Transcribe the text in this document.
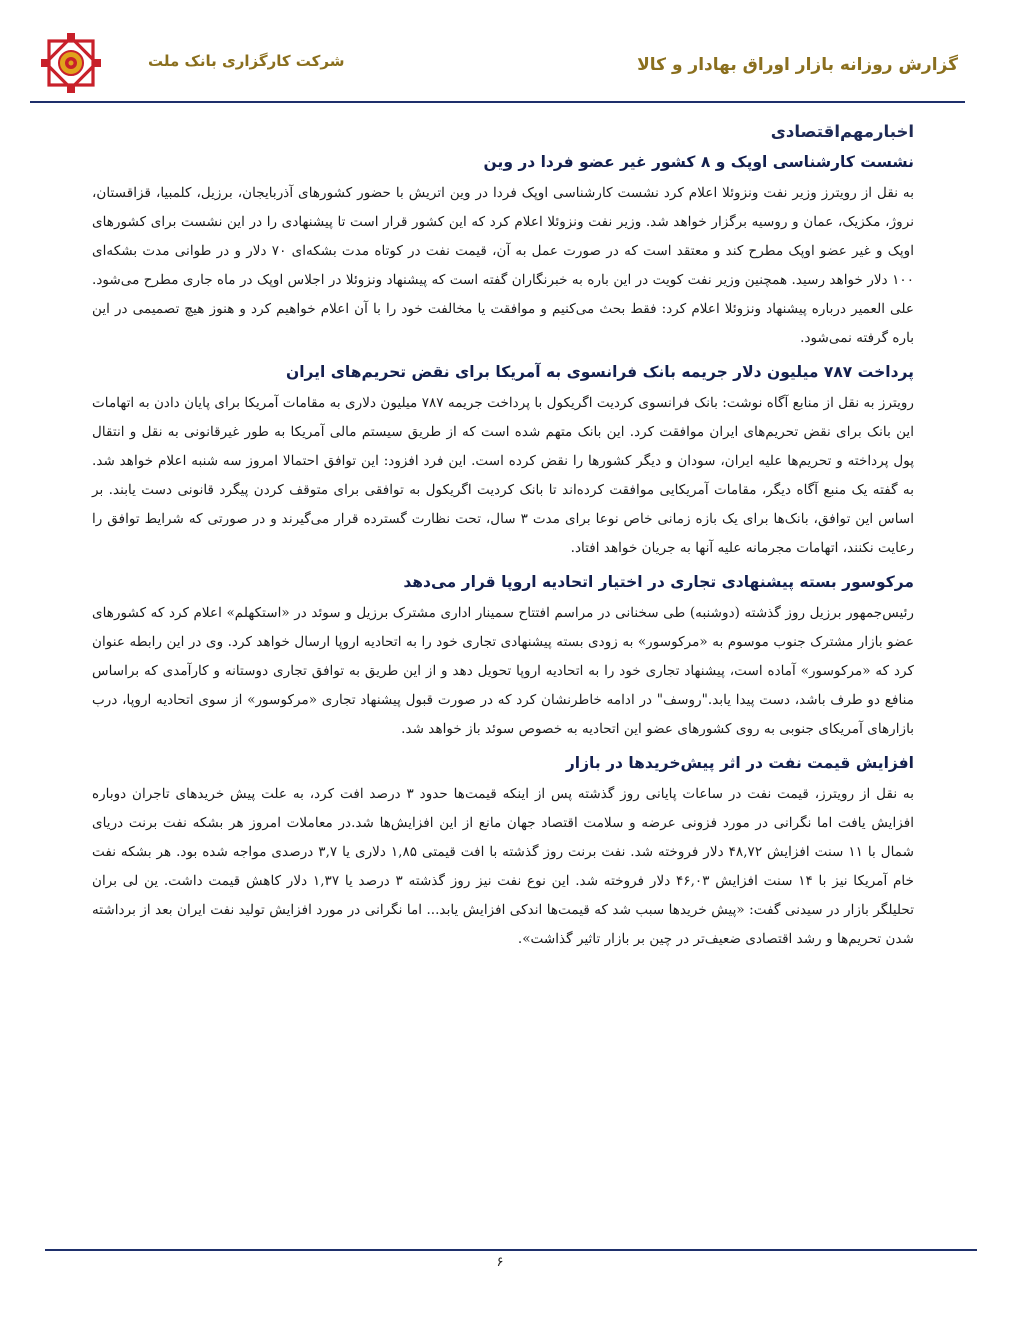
شرکت کارگزاری بانک ملت	گزارش روزانه بازار اوراق بهادار و کالا
اخبارمهم‌اقتصادی
نشست کارشناسی اوپک و ۸ کشور غیر عضو فردا در وین

به نقل از رویترز وزیر نفت ونزوئلا اعلام کرد نشست کارشناسی اوپک فردا در وین اتریش با حضور کشورهای آذربایجان، برزیل، کلمبیا، قزاقستان، نروژ، مکزیک، عمان و روسیه برگزار خواهد شد. وزیر نفت ونزوئلا اعلام کرد که این کشور قرار است تا پیشنهادی را در این نشست برای کشورهای اوپک و غیر عضو اوپک مطرح کند و معتقد است که در صورت عمل به آن، قیمت نفت در کوتاه مدت بشکه‌ای ۷۰ دلار و در طوانی مدت بشکه‌ای ۱۰۰ دلار خواهد رسید. همچنین وزیر نفت کویت در این باره به خبرنگاران گفته است که پیشنهاد ونزوئلا در اجلاس اوپک در ماه جاری مطرح می‌شود. علی العمیر درباره پیشنهاد ونزوئلا اعلام کرد: فقط بحث می‌کنیم و موافقت یا مخالفت خود را با آن اعلام خواهیم کرد و هنوز هیچ تصمیمی در این باره گرفته نمی‌شود.

پرداخت ۷۸۷ میلیون دلار جریمه بانک فرانسوی به آمریکا برای نقض تحریم‌های ایران

رویترز به نقل از منابع آگاه نوشت: بانک فرانسوی کردیت اگریکول با پرداخت جریمه ۷۸۷ میلیون دلاری به مقامات آمریکا برای پایان دادن به اتهامات این بانک برای نقض تحریم‌های ایران موافقت کرد. این بانک متهم شده است که از طریق سیستم مالی آمریکا به طور غیرقانونی به نقل و انتقال پول پرداخته و تحریم‌ها علیه ایران، سودان و دیگر کشورها را نقض کرده است. این فرد افزود: این توافق احتمالا امروز سه شنبه اعلام خواهد شد. به گفته یک منبع آگاه دیگر، مقامات آمریکایی موافقت کرده‌اند تا بانک کردیت اگریکول به توافقی برای متوقف کردن پیگرد قانونی دست یابند. بر اساس این توافق، بانک‌ها برای یک بازه زمانی خاص نوعا برای مدت ۳ سال، تحت نظارت گسترده قرار می‌گیرند و در صورتی که شرایط توافق را رعایت نکنند، اتهامات مجرمانه علیه آنها به جریان خواهد افتاد.

مرکوسور بسته پیشنهادی تجاری در اختیار اتحادیه اروپا قرار می‌دهد

رئیس‌جمهور برزیل روز گذشته (دوشنبه) طی سخنانی در مراسم افتتاح سمینار اداری مشترک برزیل و سوئد در «استکهلم» اعلام کرد که کشورهای عضو بازار مشترک جنوب موسوم به «مرکوسور» به زودی بسته پیشنهادی تجاری خود را به اتحادیه اروپا ارسال خواهد کرد. وی در این رابطه عنوان کرد که «مرکوسور» آماده است، پیشنهاد تجاری خود را به اتحادیه اروپا تحویل دهد و از این طریق به توافق تجاری دوستانه و کارآمدی که براساس منافع دو طرف باشد، دست پیدا یابد."روسف" در ادامه خاطرنشان کرد که در صورت قبول پیشنهاد تجاری «مرکوسور» از سوی اتحادیه اروپا، درب بازارهای آمریکای جنوبی به روی کشورهای عضو این اتحادیه به خصوص سوئد باز خواهد شد.

افزایش قیمت نفت در اثر پیش‌خریدها در بازار

به نقل از رویترز، قیمت نفت در ساعات پایانی روز گذشته پس از اینکه قیمت‌ها حدود ۳ درصد افت کرد، به علت پیش خریدهای تاجران دوباره افزایش یافت اما نگرانی در مورد فزونی عرضه و سلامت اقتصاد جهان مانع از این افزایش‌ها شد.در معاملات امروز هر بشکه نفت برنت دریای شمال با ۱۱ سنت افزایش ۴۸,۷۲ دلار فروخته شد. نفت برنت روز گذشته با افت قیمتی ۱,۸۵ دلاری یا ۳,۷ درصدی مواجه شده بود. هر بشکه نفت خام آمریکا نیز با ۱۴ سنت افزایش ۴۶,۰۳ دلار فروخته شد. این نوع نفت نیز روز گذشته ۳ درصد یا ۱,۳۷ دلار کاهش قیمت داشت. ین لی بران تحلیلگر بازار در سیدنی گفت: «پیش خریدها سبب شد که قیمت‌ها اندکی افزایش یابد... اما نگرانی در مورد افزایش تولید نفت ایران بعد از برداشته شدن تحریم‌ها و رشد اقتصادی ضعیف‌تر در چین بر بازار تاثیر گذاشت».

۶
